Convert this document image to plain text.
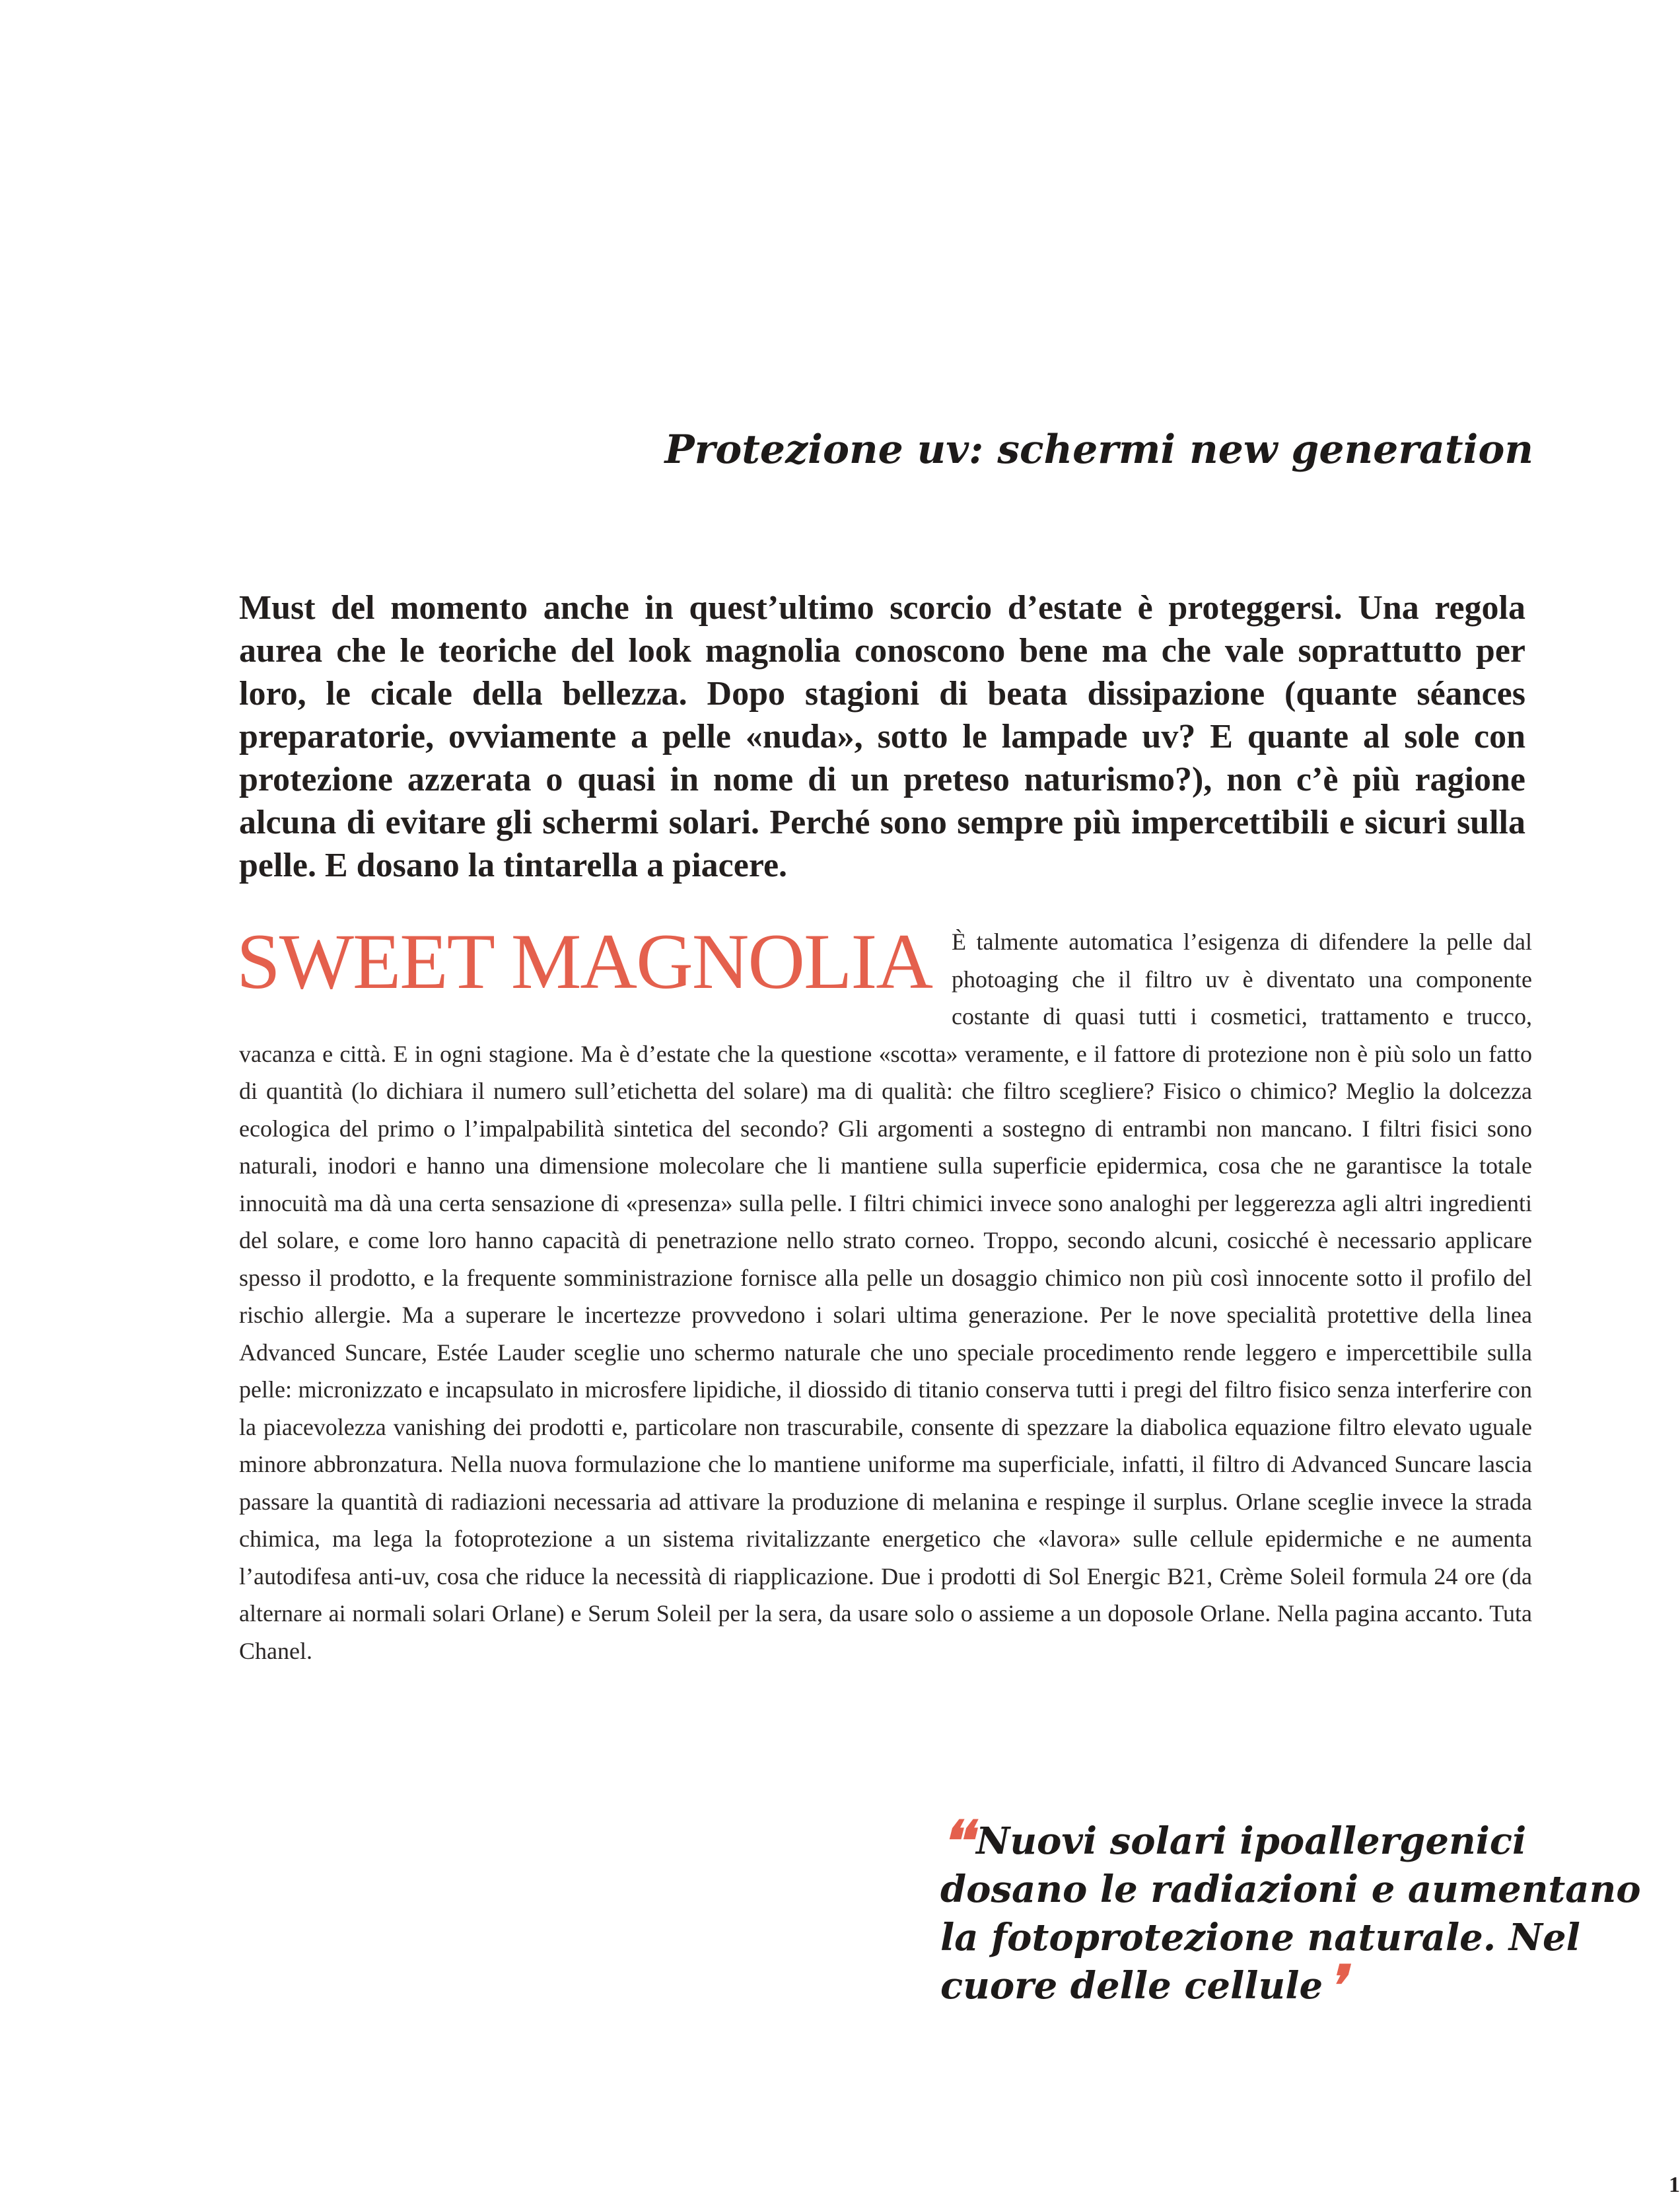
Protezione uv: schermi new generation

Must del momento anche in quest’ultimo scorcio d’estate è proteggersi. Una regola aurea che le teoriche del look magnolia conoscono bene ma che vale soprattutto per loro, le cicale della bellezza. Dopo stagioni di beata dissipazione (quante séances preparatorie, ovviamente a pelle «nuda», sotto le lampade uv? E quante al sole con protezione azzerata o quasi in nome di un preteso naturismo?), non c’è più ragione alcuna di evitare gli schermi solari. Perché sono sempre più impercettibili e sicuri sulla pelle. E dosano la tintarella a piacere.

SWEET MAGNOLIA È talmente automatica l’esigenza di difendere la pelle dal photoaging che il filtro uv è diventato una componente costante di quasi tutti i cosmetici, trattamento e trucco, vacanza e città. E in ogni stagione. Ma è d’estate che la questione «scotta» veramente, e il fattore di protezione non è più solo un fatto di quantità (lo dichiara il numero sull’etichetta del solare) ma di qualità: che filtro scegliere? Fisico o chimico? Meglio la dolcezza ecologica del primo o l’impalpabilità sintetica del secondo? Gli argomenti a sostegno di entrambi non mancano. I filtri fisici sono naturali, inodori e hanno una dimensione molecolare che li mantiene sulla superficie epidermica, cosa che ne garantisce la totale innocuità ma dà una certa sensazione di «presenza» sulla pelle. I filtri chimici invece sono analoghi per leggerezza agli altri ingredienti del solare, e come loro hanno capacità di penetrazione nello strato corneo. Troppo, secondo alcuni, cosicché è necessario applicare spesso il prodotto, e la frequente somministrazione fornisce alla pelle un dosaggio chimico non più così innocente sotto il profilo del rischio allergie. Ma a superare le incertezze provvedono i solari ultima generazione. Per le nove specialità protettive della linea Advanced Suncare, Estée Lauder sceglie uno schermo naturale che uno speciale procedimento rende leggero e impercettibile sulla pelle: micronizzato e incapsulato in microsfere lipidiche, il diossido di titanio conserva tutti i pregi del filtro fisico senza interferire con la piacevolezza vanishing dei prodotti e, particolare non trascurabile, consente di spezzare la diabolica equazione filtro elevato uguale minore abbronzatura. Nella nuova formulazione che lo mantiene uniforme ma superficiale, infatti, il filtro di Advanced Suncare lascia passare la quantità di radiazioni necessaria ad attivare la produzione di melanina e respinge il surplus. Orlane sceglie invece la strada chimica, ma lega la fotoprotezione a un sistema rivitalizzante energetico che «lavora» sulle cellule epidermiche e ne aumenta l’autodifesa anti-uv, cosa che riduce la necessità di riapplicazione. Due i prodotti di Sol Energic B21, Crème Soleil formula 24 ore (da alternare ai normali solari Orlane) e Serum Soleil per la sera, da usare solo o assieme a un doposole Orlane. Nella pagina accanto. Tuta Chanel.

❛❛ Nuovi solari ipoallergenici dosano le radiazioni e aumentano la fotoprotezione naturale. Nel cuore delle cellule❜

1
